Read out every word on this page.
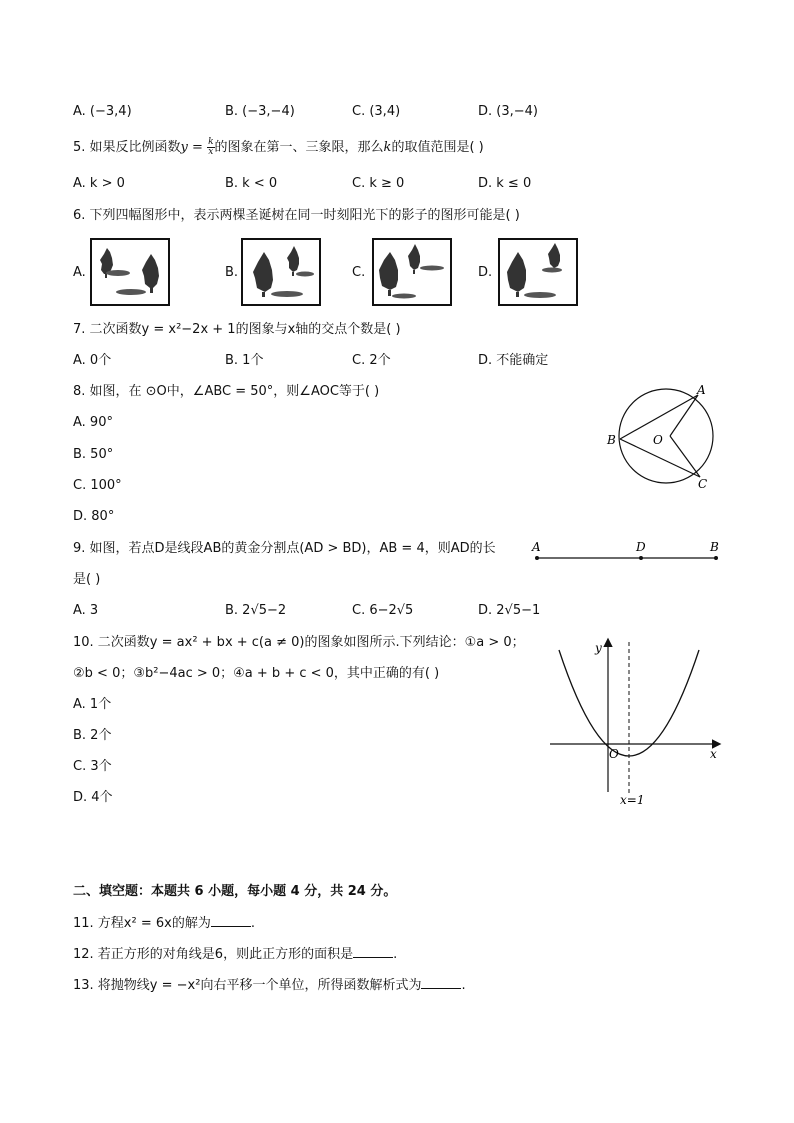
A. (−3,4)	B. (−3,−4)	C. (3,4)	D. (3,−4)
5. 如果反比例函数$y = \frac{k}{x}$ 的图象在第一、三象限，那么k的取值范围是( )
A. k > 0	B. k < 0	C. k ≥ 0	D. k ≤ 0
6. 下列四幅图形中，表示两棵圣诞树在同一时刻阳光下的影子的图形可能是( )
A.	B.	C.	D.
7. 二次函数y = x²−2x + 1的图象与x轴的交点个数是( )
A. 0个	B. 1个	C. 2个	D. 不能确定
8. 如图，在 ⊙O中，∠ABC = 50°，则∠AOC等于( )
A. 90°
B. 50°
C. 100°
D. 80°
A
B
C
O
9. 如图，若点D是线段AB的黄金分割点(AD > BD)，AB = 4，则AD的长
是( )
A. 3	B. 2√5−2	C. 6−2√5	D. 2√5−1
A	D	B
10. 二次函数y = ax² + bx + c(a ≠ 0)的图象如图所示.下列结论：①a > 0；
②b < 0；③b²−4ac > 0；④a + b + c < 0，其中正确的有( )
A. 1个
B. 2个
C. 3个
D. 4个
y
x
O
x=1
二、填空题：本题共 6 小题，每小题 4 分，共 24 分。
11. 方程x² = 6x的解为	.
12. 若正方形的对角线是6，则此正方形的面积是	.
13. 将抛物线y = −x²向右平移一个单位，所得函数解析式为	.
